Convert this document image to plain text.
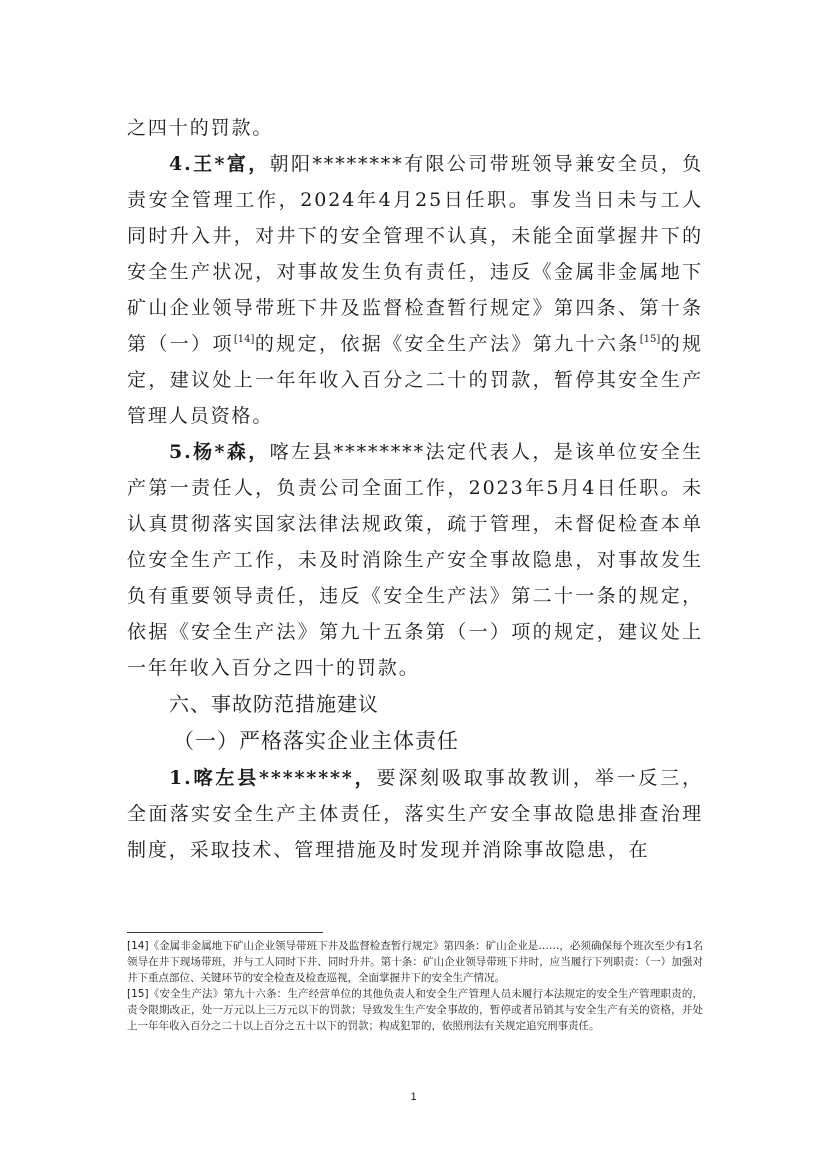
之四十的罚款。

4.王*富，朝阳********有限公司带班领导兼安全员，负责安全管理工作，2024年4月25日任职。事发当日未与工人同时升入井，对井下的安全管理不认真，未能全面掌握井下的安全生产状况，对事故发生负有责任，违反《金属非金属地下矿山企业领导带班下井及监督检查暂行规定》第四条、第十条第（一）项[14]的规定，依据《安全生产法》第九十六条[15]的规定，建议处上一年年收入百分之二十的罚款，暂停其安全生产管理人员资格。

5.杨*森，喀左县********法定代表人，是该单位安全生产第一责任人，负责公司全面工作，2023年5月4日任职。未认真贯彻落实国家法律法规政策，疏于管理，未督促检查本单位安全生产工作，未及时消除生产安全事故隐患，对事故发生负有重要领导责任，违反《安全生产法》第二十一条的规定，依据《安全生产法》第九十五条第（一）项的规定，建议处上一年年收入百分之四十的罚款。

六、事故防范措施建议

（一）严格落实企业主体责任

1.喀左县********，要深刻吸取事故教训，举一反三，全面落实安全生产主体责任，落实生产安全事故隐患排查治理制度，采取技术、管理措施及时发现并消除事故隐患，在

[14]《金属非金属地下矿山企业领导带班下井及监督检查暂行规定》第四条：矿山企业是……，必须确保每个班次至少有1名领导在井下现场带班，并与工人同时下井、同时升井。第十条：矿山企业领导带班下井时，应当履行下列职责：（一）加强对井下重点部位、关键环节的安全检查及检查巡视，全面掌握井下的安全生产情况。

[15]《安全生产法》第九十六条：生产经营单位的其他负责人和安全生产管理人员未履行本法规定的安全生产管理职责的，责令限期改正，处一万元以上三万元以下的罚款；导致发生生产安全事故的，暂停或者吊销其与安全生产有关的资格，并处上一年年收入百分之二十以上百分之五十以下的罚款；构成犯罪的，依照刑法有关规定追究刑事责任。

1
